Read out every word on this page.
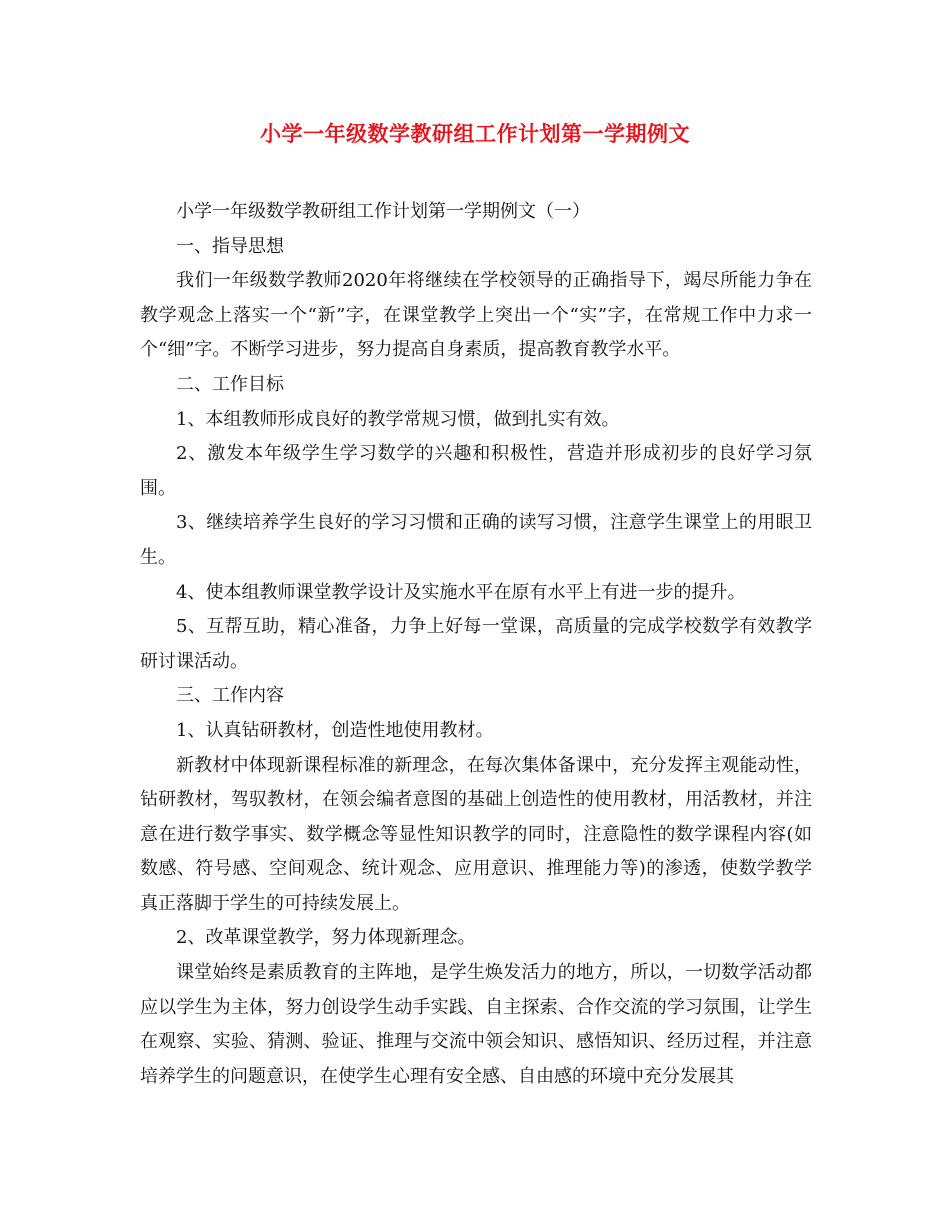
小学一年级数学教研组工作计划第一学期例文

小学一年级数学教研组工作计划第一学期例文（一）

一、指导思想

我们一年级数学教师2020年将继续在学校领导的正确指导下，竭尽所能力争在教学观念上落实一个“新”字，在课堂教学上突出一个“实”字，在常规工作中力求一个“细”字。不断学习进步，努力提高自身素质，提高教育教学水平。

二、工作目标

1、本组教师形成良好的教学常规习惯，做到扎实有效。

2、激发本年级学生学习数学的兴趣和积极性，营造并形成初步的良好学习氛围。

3、继续培养学生良好的学习习惯和正确的读写习惯，注意学生课堂上的用眼卫生。

4、使本组教师课堂教学设计及实施水平在原有水平上有进一步的提升。

5、互帮互助，精心准备，力争上好每一堂课，高质量的完成学校数学有效教学研讨课活动。

三、工作内容

1、认真钻研教材，创造性地使用教材。

新教材中体现新课程标准的新理念，在每次集体备课中，充分发挥主观能动性，钻研教材，驾驭教材，在领会编者意图的基础上创造性的使用教材，用活教材，并注意在进行数学事实、数学概念等显性知识教学的同时，注意隐性的数学课程内容(如数感、符号感、空间观念、统计观念、应用意识、推理能力等)的渗透，使数学教学真正落脚于学生的可持续发展上。

2、改革课堂教学，努力体现新理念。

课堂始终是素质教育的主阵地，是学生焕发活力的地方，所以，一切数学活动都应以学生为主体，努力创设学生动手实践、自主探索、合作交流的学习氛围，让学生在观察、实验、猜测、验证、推理与交流中领会知识、感悟知识、经历过程，并注意培养学生的问题意识，在使学生心理有安全感、自由感的环境中充分发展其
